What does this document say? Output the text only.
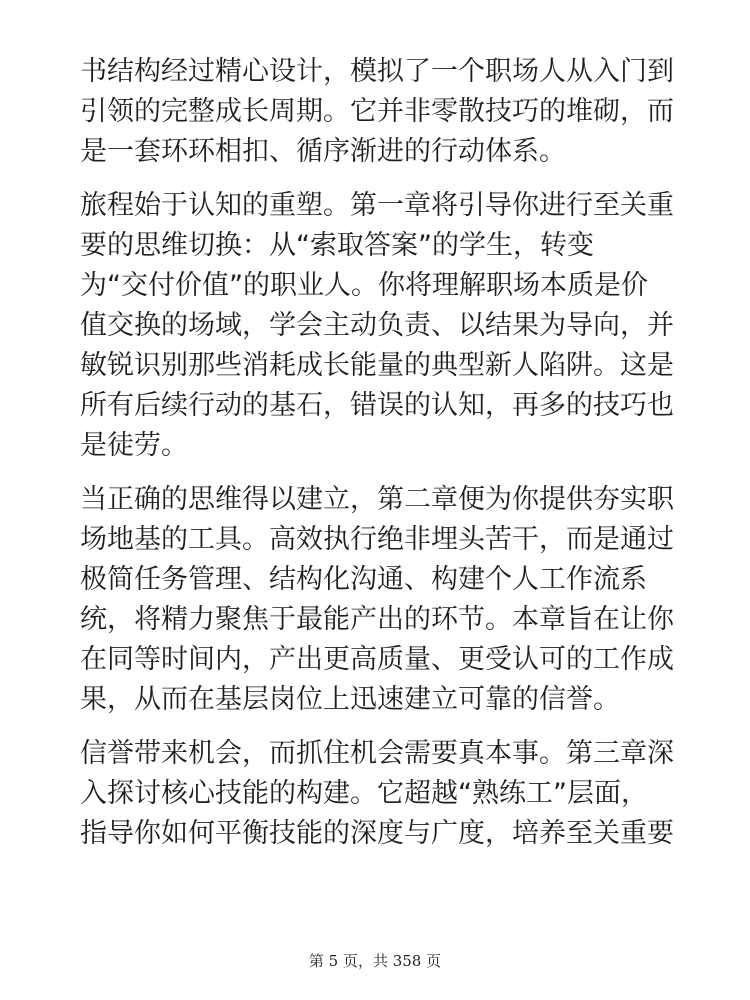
书结构经过精心设计，模拟了一个职场人从入门到
引领的完整成长周期。它并非零散技巧的堆砌，而
是一套环环相扣、循序渐进的行动体系。

旅程始于认知的重塑。第一章将引导你进行至关重
要的思维切换：从“索取答案”的学生，转变
为“交付价值”的职业人。你将理解职场本质是价
值交换的场域，学会主动负责、以结果为导向，并
敏锐识别那些消耗成长能量的典型新人陷阱。这是
所有后续行动的基石，错误的认知，再多的技巧也
是徒劳。

当正确的思维得以建立，第二章便为你提供夯实职
场地基的工具。高效执行绝非埋头苦干，而是通过
极简任务管理、结构化沟通、构建个人工作流系
统，将精力聚焦于最能产出的环节。本章旨在让你
在同等时间内，产出更高质量、更受认可的工作成
果，从而在基层岗位上迅速建立可靠的信誉。

信誉带来机会，而抓住机会需要真本事。第三章深
入探讨核心技能的构建。它超越“熟练工”层面，
指导你如何平衡技能的深度与广度，培养至关重要

第 5 页，共 358 页
